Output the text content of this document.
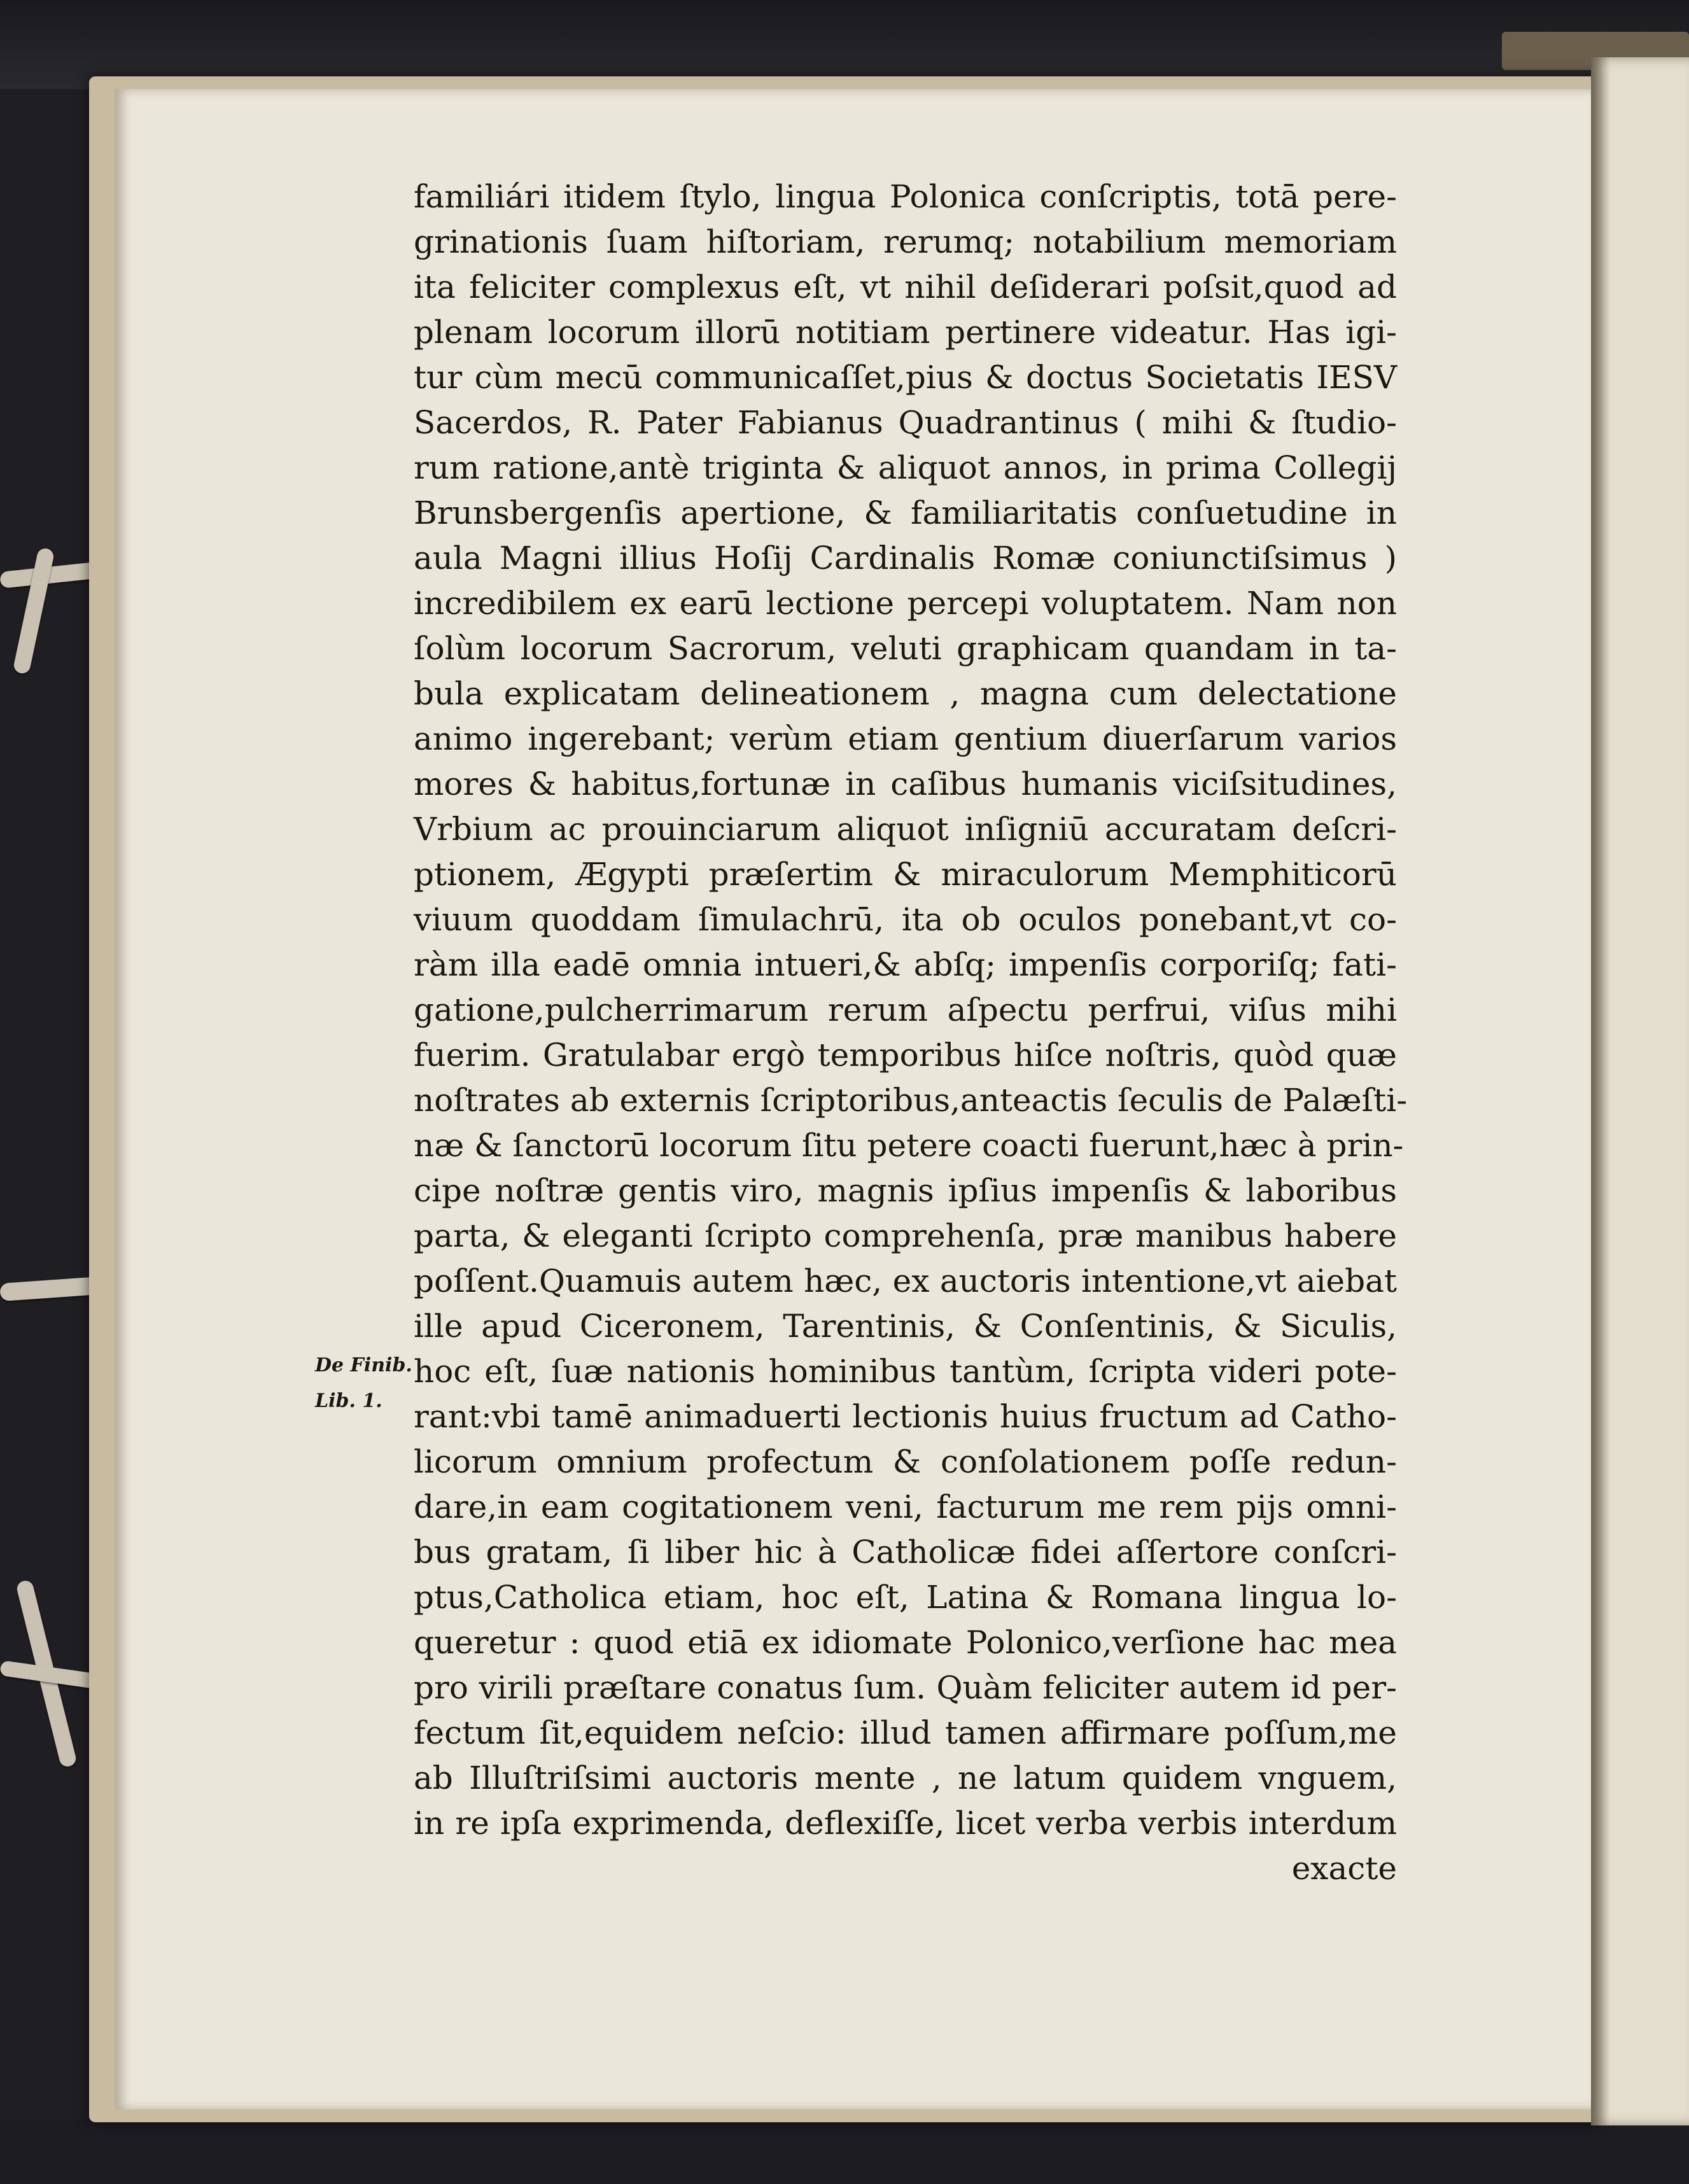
familiári itidem ſtylo, lingua Polonica conſcriptis, totā pere-
grinationis ſuam hiſtoriam, rerumq; notabilium memoriam
ita feliciter complexus eſt, vt nihil deſiderari poſsit,quod ad
plenam locorum illorū notitiam pertinere videatur. Has igi-
tur cùm mecū communicaſſet,pius & doctus Societatis IESV
Sacerdos, R. Pater Fabianus Quadrantinus ( mihi & ſtudio-
rum ratione,antè triginta & aliquot annos, in prima Collegij
Brunsbergenſis apertione, & familiaritatis conſuetudine in
aula Magni illius Hoſij Cardinalis Romæ coniunctiſsimus )
incredibilem ex earū lectione percepi voluptatem. Nam non
ſolùm locorum Sacrorum, veluti graphicam quandam in ta-
bula explicatam delineationem , magna cum delectatione
animo ingerebant; verùm etiam gentium diuerſarum varios
mores & habitus,fortunæ in caſibus humanis viciſsitudines,
Vrbium ac prouinciarum aliquot inſigniū accuratam deſcri-
ptionem, Ægypti præſertim & miraculorum Memphiticorū
viuum quoddam ſimulachrū, ita ob oculos ponebant,vt co-
ràm illa eadē omnia intueri,& abſq; impenſis corporiſq; fati-
gatione,pulcherrimarum rerum aſpectu perfrui, viſus mihi
fuerim. Gratulabar ergò temporibus hiſce noſtris, quòd quæ
noſtrates ab externis ſcriptoribus,anteactis ſeculis de Palæſti-
næ & ſanctorū locorum ſitu petere coacti fuerunt,hæc à prin-
cipe noſtræ gentis viro, magnis ipſius impenſis & laboribus
parta, & eleganti ſcripto comprehenſa, præ manibus habere
poſſent.Quamuis autem hæc, ex auctoris intentione,vt aiebat
ille apud Ciceronem, Tarentinis, & Conſentinis, & Siculis,
hoc eſt, ſuæ nationis hominibus tantùm, ſcripta videri pote-
rant:vbi tamē animaduerti lectionis huius fructum ad Catho-
licorum omnium profectum & conſolationem poſſe redun-
dare,in eam cogitationem veni, facturum me rem pijs omni-
bus gratam, ſi liber hic à Catholicæ fidei aſſertore conſcri-
ptus,Catholica etiam, hoc eſt, Latina & Romana lingua lo-
queretur : quod etiā ex idiomate Polonico,verſione hac mea
pro virili præſtare conatus ſum. Quàm feliciter autem id per-
fectum ſit,equidem neſcio: illud tamen affirmare poſſum,me
ab Illuſtriſsimi auctoris mente , ne latum quidem vnguem,
in re ipſa exprimenda, deflexiſſe, licet verba verbis interdum
exacte
De Finib.
Lib. 1.
